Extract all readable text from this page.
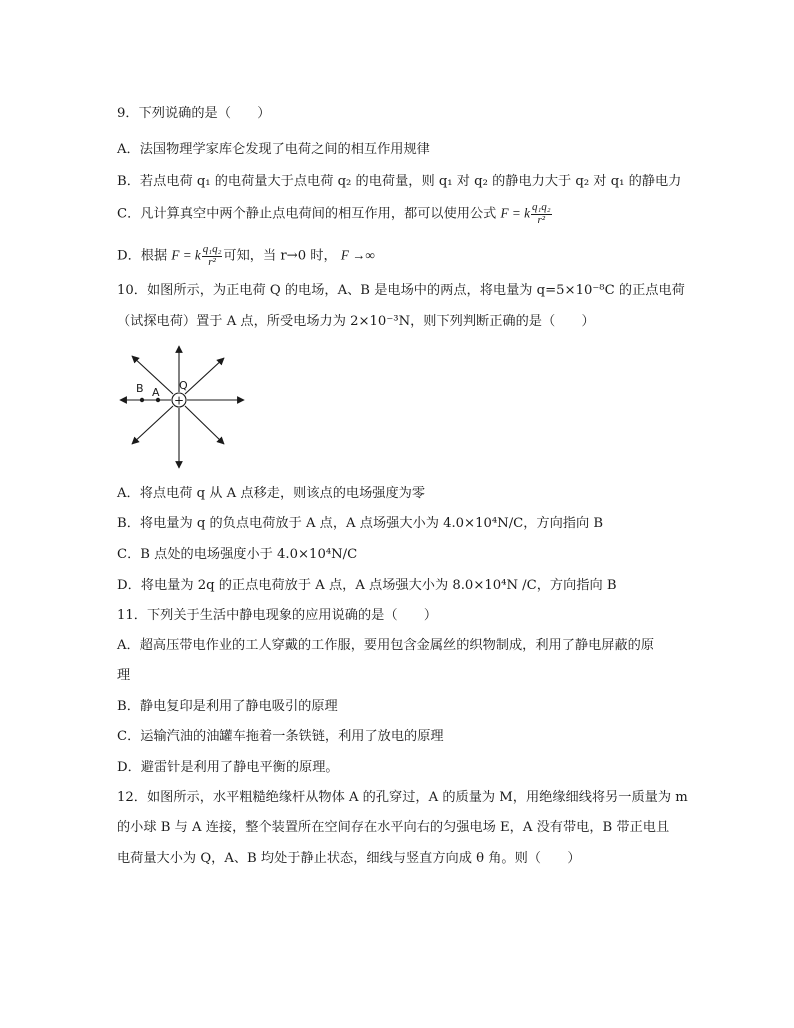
9．下列说确的是（　　）
A．法国物理学家库仑发现了电荷之间的相互作用规律
B．若点电荷 q₁ 的电荷量大于点电荷 q₂ 的电荷量，则 q₁ 对 q₂ 的静电力大于 q₂ 对 q₁ 的静电力
C．凡计算真空中两个静止点电荷间的相互作用，都可以使用公式 F = k $\frac{\text{q₁q₂}}{\text{r²}}$
D．根据 F = k $\frac{\text{q₁q₂}}{\text{r²}}$ 可知，当 r→0 时， F →∞
10．如图所示，为正电荷 Q 的电场，A、B 是电场中的两点，将电量为 q=5×10⁻⁸C 的正点电荷
（试探电荷）置于 A 点，所受电场力为 2×10⁻³N，则下列判断正确的是（　　）
+
B A
Q
A．将点电荷 q 从 A 点移走，则该点的电场强度为零
B．将电量为 q 的负点电荷放于 A 点，A 点场强大小为 4.0×10⁴N/C，方向指向 B
C．B 点处的电场强度小于 4.0×10⁴N/C
D．将电量为 2q 的正点电荷放于 A 点，A 点场强大小为 8.0×10⁴N /C，方向指向 B
11．下列关于生活中静电现象的应用说确的是（　　）
A．超高压带电作业的工人穿戴的工作服，要用包含金属丝的织物制成，利用了静电屏蔽的原
理
B．静电复印是利用了静电吸引的原理
C．运输汽油的油罐车拖着一条铁链，利用了放电的原理
D．避雷针是利用了静电平衡的原理。
12．如图所示，水平粗糙绝缘杆从物体 A 的孔穿过，A 的质量为 M，用绝缘细线将另一质量为 m
的小球 B 与 A 连接，整个装置所在空间存在水平向右的匀强电场 E，A 没有带电，B 带正电且
电荷量大小为 Q，A、B 均处于静止状态，细线与竖直方向成 θ 角。则（　　）
